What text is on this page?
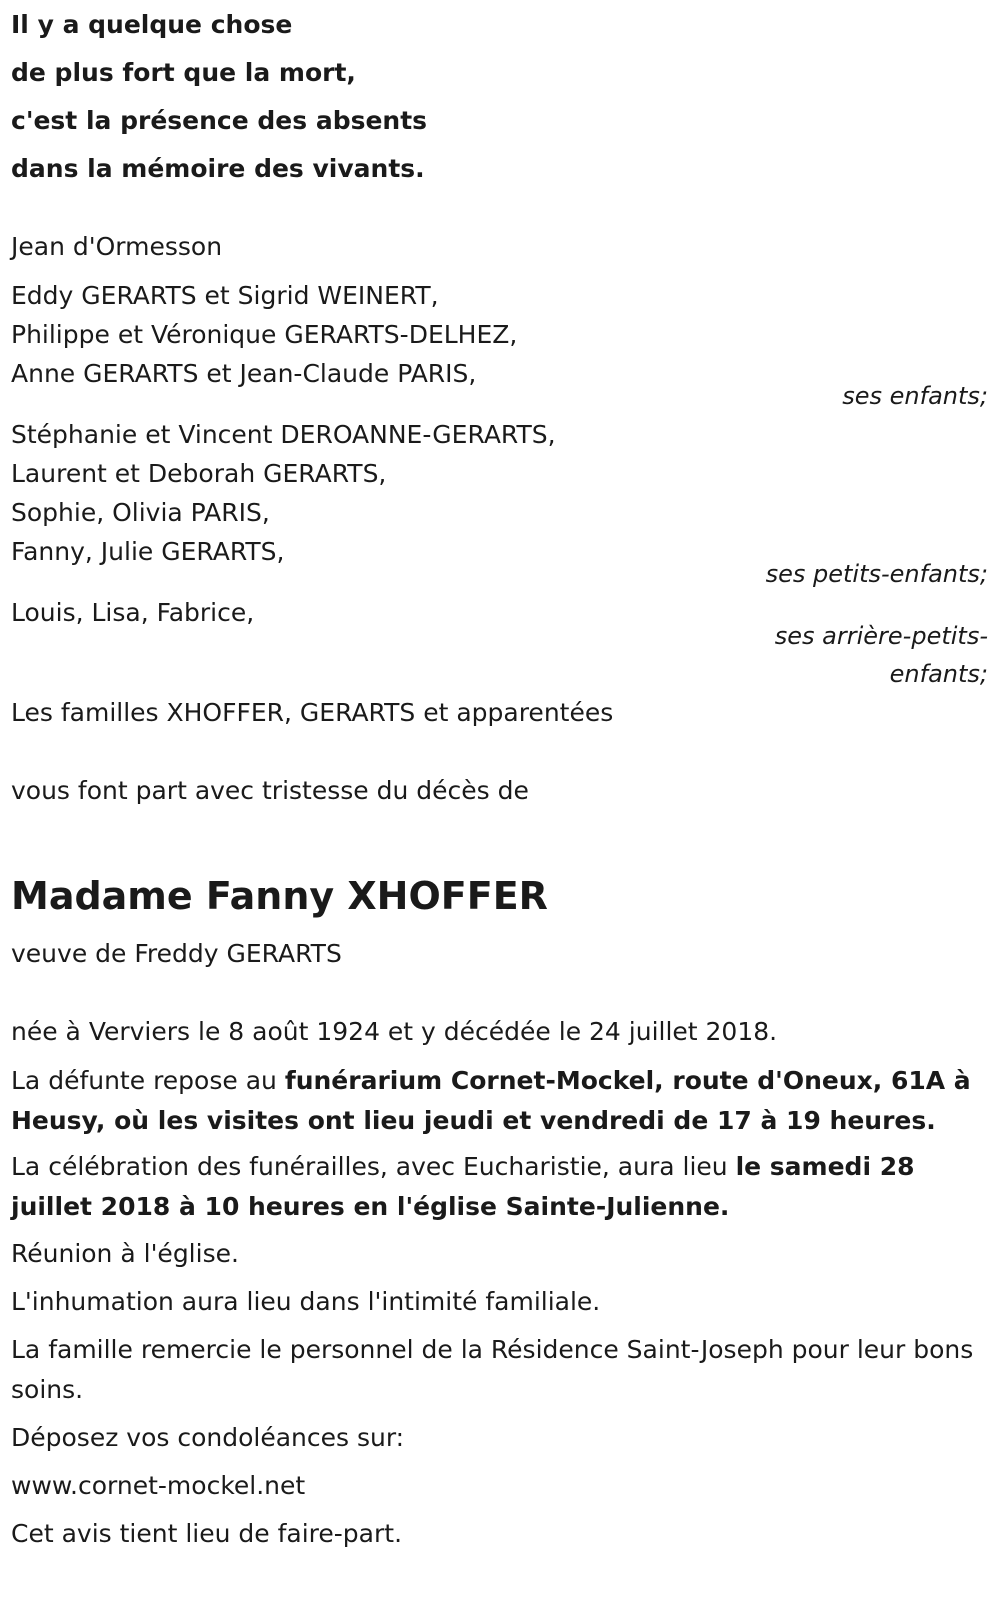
Il y a quelque chose

de plus fort que la mort,

c'est la présence des absents

dans la mémoire des vivants.

Jean d'Ormesson

Eddy GERARTS et Sigrid WEINERT,

Philippe et Véronique GERARTS-DELHEZ,

Anne GERARTS et Jean-Claude PARIS,

ses enfants;

Stéphanie et Vincent DEROANNE-GERARTS,

Laurent et Deborah GERARTS,

Sophie, Olivia PARIS,

Fanny, Julie GERARTS,

ses petits-enfants;

Louis, Lisa, Fabrice,

ses arrière-petits-

enfants;

Les familles XHOFFER, GERARTS et apparentées

vous font part avec tristesse du décès de

Madame Fanny XHOFFER

veuve de Freddy GERARTS

née à Verviers le 8 août 1924 et y décédée le 24 juillet 2018.

La défunte repose au funérarium Cornet-Mockel, route d'Oneux, 61A à Heusy, où les visites ont lieu jeudi et vendredi de 17 à 19 heures.

La célébration des funérailles, avec Eucharistie, aura lieu le samedi 28 juillet 2018 à 10 heures en l'église Sainte-Julienne.

Réunion à l'église.

L'inhumation aura lieu dans l'intimité familiale.

La famille remercie le personnel de la Résidence Saint-Joseph pour leur bons soins.

Déposez vos condoléances sur:

www.cornet-mockel.net

Cet avis tient lieu de faire-part.
